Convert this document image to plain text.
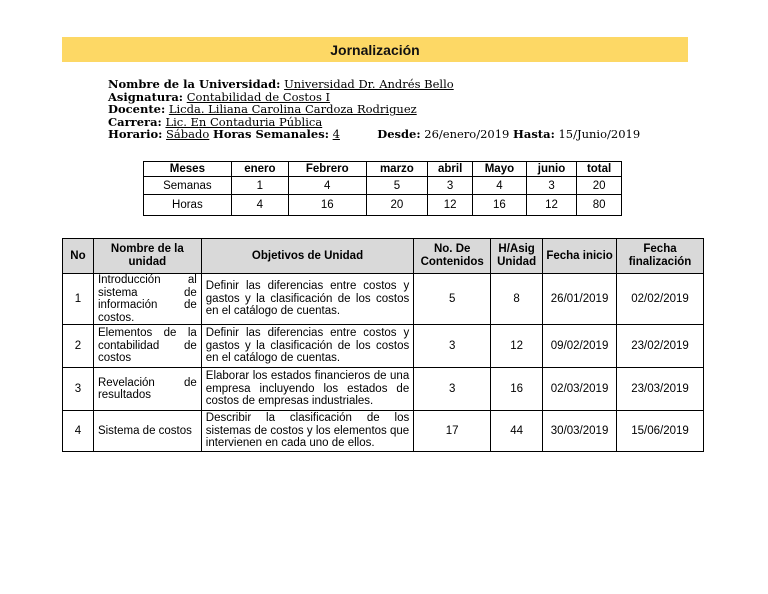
Jornalización
Nombre de la Universidad: Universidad Dr. Andrés Bello
Asignatura: Contabilidad de Costos I
Docente: Licda. Liliana Carolina Cardoza Rodriguez
Carrera: Lic. En Contaduria Pública
Horario: Sábado Horas Semanales: 4	Desde: 26/enero/2019 Hasta: 15/Junio/2019
Meses	enero	Febrero	marzo	abril	Mayo	junio	total
Semanas	1	4	5	3	4	3	20
Horas	4	16	20	12	16	12	80
No	Nombre de la unidad	Objetivos de Unidad	No. De Contenidos	H/Asig Unidad	Fecha inicio	Fecha finalización
1	Introducción al sistema de información de costos.	Definir las diferencias entre costos y gastos y la clasificación de los costos en el catálogo de cuentas.	5	8	26/01/2019	02/02/2019
2	Elementos de la contabilidad de costos	Definir las diferencias entre costos y gastos y la clasificación de los costos en el catálogo de cuentas.	3	12	09/02/2019	23/02/2019
3	Revelación de resultados	Elaborar los estados financieros de una empresa incluyendo los estados de costos de empresas industriales.	3	16	02/03/2019	23/03/2019
4	Sistema de costos	Describir la clasificación de los sistemas de costos y los elementos que intervienen en cada uno de ellos.	17	44	30/03/2019	15/06/2019
